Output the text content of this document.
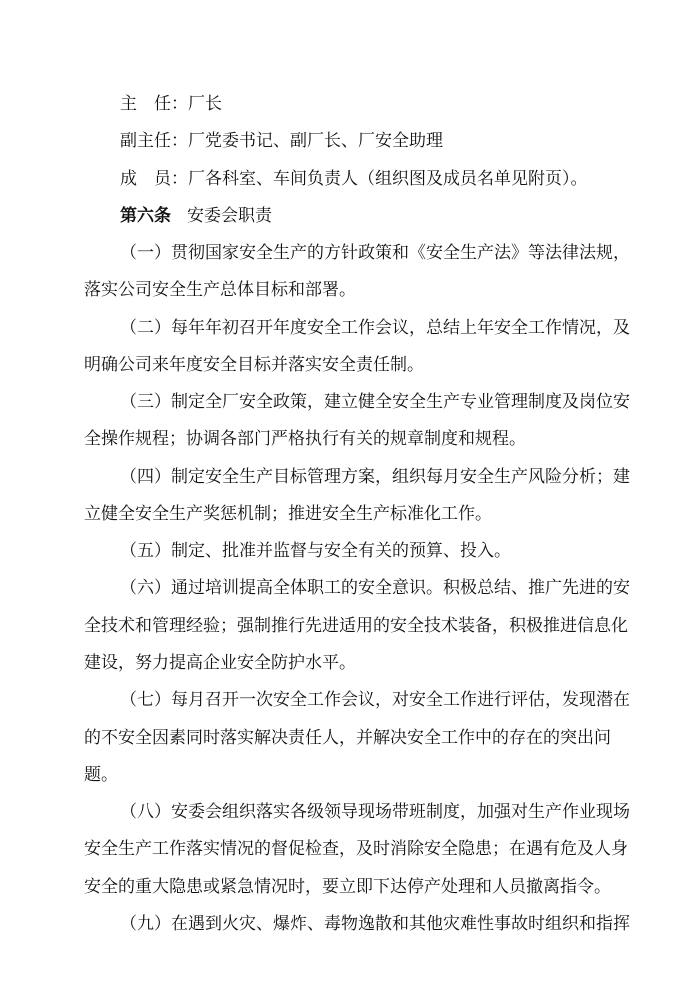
主　任：厂长
副主任：厂党委书记、副厂长、厂安全助理
成　员：厂各科室、车间负责人（组织图及成员名单见附页）。
第六条 安委会职责
（一）贯彻国家安全生产的方针政策和《安全生产法》等法律法规，
落实公司安全生产总体目标和部署。
（二）每年年初召开年度安全工作会议，总结上年安全工作情况，及
明确公司来年度安全目标并落实安全责任制。
（三）制定全厂安全政策，建立健全安全生产专业管理制度及岗位安
全操作规程；协调各部门严格执行有关的规章制度和规程。
（四）制定安全生产目标管理方案，组织每月安全生产风险分析；建
立健全安全生产奖惩机制；推进安全生产标准化工作。
（五）制定、批准并监督与安全有关的预算、投入。
（六）通过培训提高全体职工的安全意识。积极总结、推广先进的安
全技术和管理经验；强制推行先进适用的安全技术装备，积极推进信息化
建设，努力提高企业安全防护水平。
（七）每月召开一次安全工作会议，对安全工作进行评估，发现潜在
的不安全因素同时落实解决责任人，并解决安全工作中的存在的突出问
题。
（八）安委会组织落实各级领导现场带班制度，加强对生产作业现场
安全生产工作落实情况的督促检查，及时消除安全隐患；在遇有危及人身
安全的重大隐患或紧急情况时，要立即下达停产处理和人员撤离指令。
（九）在遇到火灾、爆炸、毒物逸散和其他灾难性事故时组织和指挥
